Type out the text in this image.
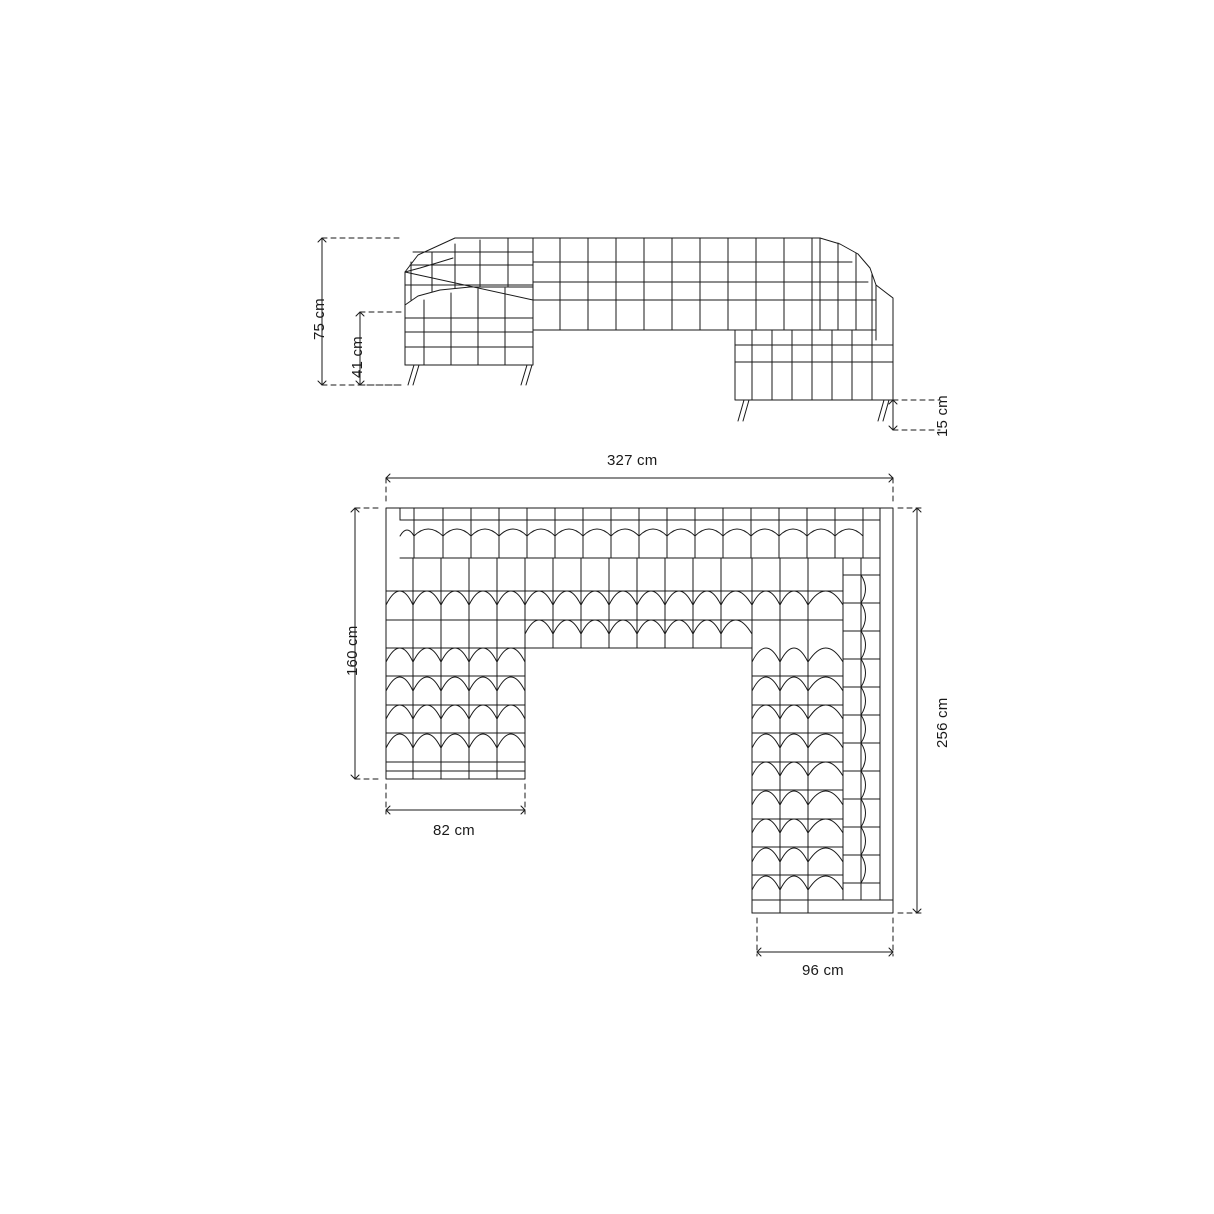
75 cm
41 cm
15 cm
327 cm
160 cm
256 cm
82 cm
96 cm
